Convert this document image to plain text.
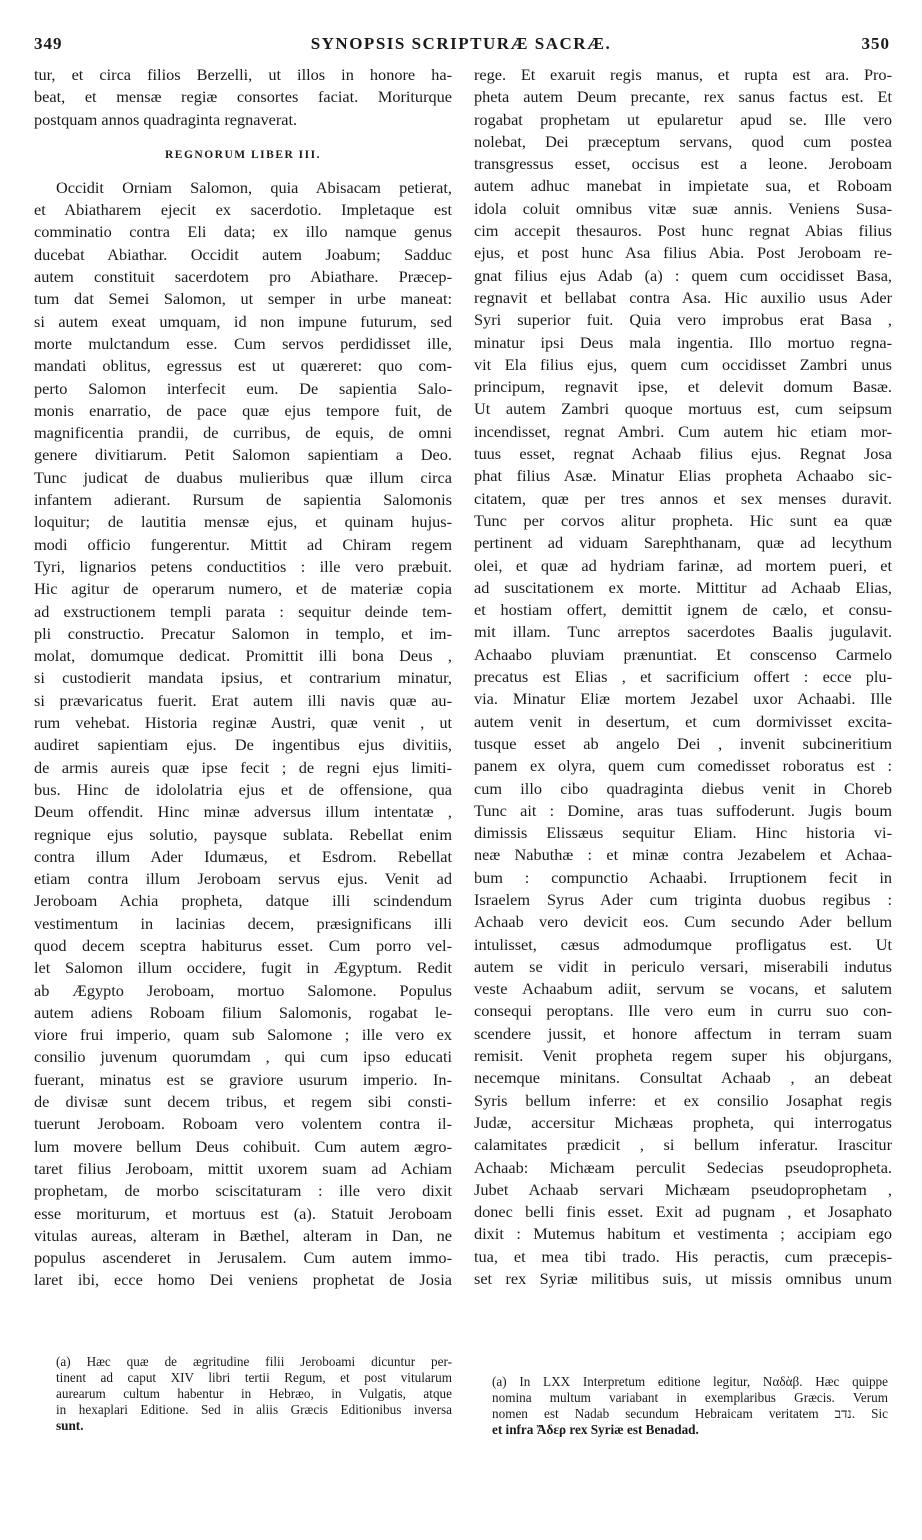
349	SYNOPSIS SCRIPTURÆ SACRÆ.	350
tur, et circa filios Berzelli, ut illos in honore ha-
beat, et mensæ regiæ consortes faciat. Moriturque
postquam annos quadraginta regnaverat.
REGNORUM LIBER III.
Occidit Orniam Salomon, quia Abisacam petierat,
et Abiatharem ejecit ex sacerdotio. Impletaque est
comminatio contra Eli data; ex illo namque genus
ducebat Abiathar. Occidit autem Joabum; Sadduc
autem constituit sacerdotem pro Abiathare. Præcep-
tum dat Semei Salomon, ut semper in urbe maneat:
si autem exeat umquam, id non impune futurum, sed
morte mulctandum esse. Cum servos perdidisset ille,
mandati oblitus, egressus est ut quæreret: quo com-
perto Salomon interfecit eum. De sapientia Salo-
monis enarratio, de pace quæ ejus tempore fuit, de
magnificentia prandii, de curribus, de equis, de omni
genere divitiarum. Petit Salomon sapientiam a Deo.
Tunc judicat de duabus mulieribus quæ illum circa
infantem adierant. Rursum de sapientia Salomonis
loquitur; de lautitia mensæ ejus, et quinam hujus-
modi officio fungerentur. Mittit ad Chiram regem
Tyri, lignarios petens conductitios : ille vero præbuit.
Hic agitur de operarum numero, et de materiæ copia
ad exstructionem templi parata : sequitur deinde tem-
pli constructio. Precatur Salomon in templo, et im-
molat, domumque dedicat. Promittit illi bona Deus ,
si custodierit mandata ipsius, et contrarium minatur,
si prævaricatus fuerit. Erat autem illi navis quæ au-
rum vehebat. Historia reginæ Austri, quæ venit , ut
audiret sapientiam ejus. De ingentibus ejus divitiis,
de armis aureis quæ ipse fecit ; de regni ejus limiti-
bus. Hinc de idololatria ejus et de offensione, qua
Deum offendit. Hinc minæ adversus illum intentatæ ,
regnique ejus solutio, paysque sublata. Rebellat enim
contra illum Ader Idumæus, et Esdrom. Rebellat
etiam contra illum Jeroboam servus ejus. Venit ad
Jeroboam Achia propheta, datque illi scindendum
vestimentum in lacinias decem, præsignificans illi
quod decem sceptra habiturus esset. Cum porro vel-
let Salomon illum occidere, fugit in Ægyptum. Redit
ab Ægypto Jeroboam, mortuo Salomone. Populus
autem adiens Roboam filium Salomonis, rogabat le-
viore frui imperio, quam sub Salomone ; ille vero ex
consilio juvenum quorumdam , qui cum ipso educati
fuerant, minatus est se graviore usurum imperio. In-
de divisæ sunt decem tribus, et regem sibi consti-
tuerunt Jeroboam. Roboam vero volentem contra il-
lum movere bellum Deus cohibuit. Cum autem ægro-
taret filius Jeroboam, mittit uxorem suam ad Achiam
prophetam, de morbo sciscitaturam : ille vero dixit
esse moriturum, et mortuus est (a). Statuit Jeroboam
vitulas aureas, alteram in Bæthel, alteram in Dan, ne
populus ascenderet in Jerusalem. Cum autem immo-
laret ibi, ecce homo Dei veniens prophetat de Josia
rege. Et exaruit regis manus, et rupta est ara. Pro-
pheta autem Deum precante, rex sanus factus est. Et
rogabat prophetam ut epularetur apud se. Ille vero
nolebat, Dei præceptum servans, quod cum postea
transgressus esset, occisus est a leone. Jeroboam
autem adhuc manebat in impietate sua, et Roboam
idola coluit omnibus vitæ suæ annis. Veniens Susa-
cim accepit thesauros. Post hunc regnat Abias filius
ejus, et post hunc Asa filius Abia. Post Jeroboam re-
gnat filius ejus Adab (a) : quem cum occidisset Basa,
regnavit et bellabat contra Asa. Hic auxilio usus Ader
Syri superior fuit. Quia vero improbus erat Basa ,
minatur ipsi Deus mala ingentia. Illo mortuo regna-
vit Ela filius ejus, quem cum occidisset Zambri unus
principum, regnavit ipse, et delevit domum Basæ.
Ut autem Zambri quoque mortuus est, cum seipsum
incendisset, regnat Ambri. Cum autem hic etiam mor-
tuus esset, regnat Achaab filius ejus. Regnat Josa
phat filius Asæ. Minatur Elias propheta Achaabo sic-
citatem, quæ per tres annos et sex menses duravit.
Tunc per corvos alitur propheta. Hic sunt ea quæ
pertinent ad viduam Sarephthanam, quæ ad lecythum
olei, et quæ ad hydriam farinæ, ad mortem pueri, et
ad suscitationem ex morte. Mittitur ad Achaab Elias,
et hostiam offert, demittit ignem de cælo, et consu-
mit illam. Tunc arreptos sacerdotes Baalis jugulavit.
Achaabo pluviam prænuntiat. Et conscenso Carmelo
precatus est Elias , et sacrificium offert : ecce plu-
via. Minatur Eliæ mortem Jezabel uxor Achaabi. Ille
autem venit in desertum, et cum dormivisset excita-
tusque esset ab angelo Dei , invenit subcineritium
panem ex olyra, quem cum comedisset roboratus est :
cum illo cibo quadraginta diebus venit in Choreb
Tunc ait : Domine, aras tuas suffoderunt. Jugis boum
dimissis Elissæus sequitur Eliam. Hinc historia vi-
neæ Nabuthæ : et minæ contra Jezabelem et Achaa-
bum : compunctio Achaabi. Irruptionem fecit in
Israelem Syrus Ader cum triginta duobus regibus :
Achaab vero devicit eos. Cum secundo Ader bellum
intulisset, cæsus admodumque profligatus est. Ut
autem se vidit in periculo versari, miserabili indutus
veste Achaabum adiit, servum se vocans, et salutem
consequi peroptans. Ille vero eum in curru suo con-
scendere jussit, et honore affectum in terram suam
remisit. Venit propheta regem super his objurgans,
necemque minitans. Consultat Achaab , an debeat
Syris bellum inferre: et ex consilio Josaphat regis
Judæ, accersitur Michæas propheta, qui interrogatus
calamitates prædicit , si bellum inferatur. Irascitur
Achaab: Michæam perculit Sedecias pseudopropheta.
Jubet Achaab servari Michæam pseudoprophetam ,
donec belli finis esset. Exit ad pugnam , et Josaphato
dixit : Mutemus habitum et vestimenta ; accipiam ego
tua, et mea tibi trado. His peractis, cum præcepis-
set rex Syriæ militibus suis, ut missis omnibus unum
(a) Hæc quæ de ægritudine filii Jeroboami dicuntur per-
tinent ad caput XIV libri tertii Regum, et post vitularum
aurearum cultum habentur in Hebræo, in Vulgatis, atque
in hexaplari Editione. Sed in aliis Græcis Editionibus inversa
sunt.
(a) In LXX Interpretum editione legitur, Ναδὰβ. Hæc quippe
nomina multum variabant in exemplaribus Græcis. Verum
nomen est Nadab secundum Hebraicam veritatem נדב. Sic
et infra Ἄδερ rex Syriæ est Benadad.
